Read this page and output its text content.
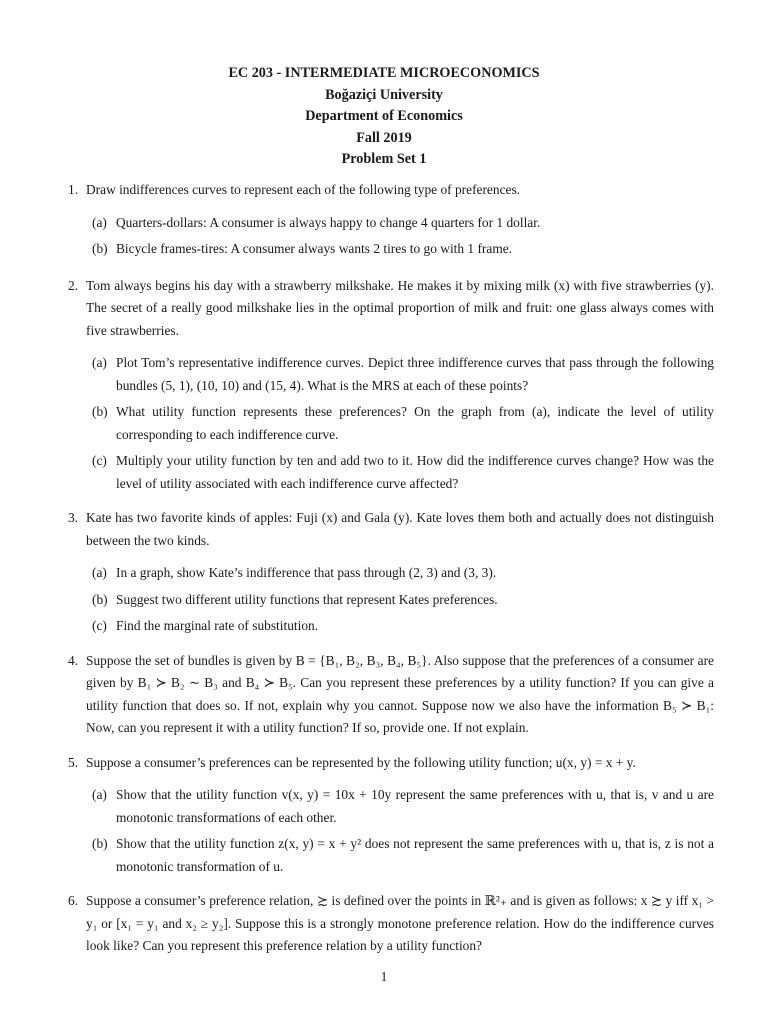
EC 203 - INTERMEDIATE MICROECONOMICS
Boğaziçi University
Department of Economics
Fall 2019
Problem Set 1
1. Draw indifferences curves to represent each of the following type of preferences.
(a) Quarters-dollars: A consumer is always happy to change 4 quarters for 1 dollar.
(b) Bicycle frames-tires: A consumer always wants 2 tires to go with 1 frame.
2. Tom always begins his day with a strawberry milkshake. He makes it by mixing milk (x) with five strawberries (y). The secret of a really good milkshake lies in the optimal proportion of milk and fruit: one glass always comes with five strawberries.
(a) Plot Tom’s representative indifference curves. Depict three indifference curves that pass through the following bundles (5, 1), (10, 10) and (15, 4). What is the MRS at each of these points?
(b) What utility function represents these preferences? On the graph from (a), indicate the level of utility corresponding to each indifference curve.
(c) Multiply your utility function by ten and add two to it. How did the indifference curves change? How was the level of utility associated with each indifference curve affected?
3. Kate has two favorite kinds of apples: Fuji (x) and Gala (y). Kate loves them both and actually does not distinguish between the two kinds.
(a) In a graph, show Kate’s indifference that pass through (2, 3) and (3, 3).
(b) Suggest two different utility functions that represent Kates preferences.
(c) Find the marginal rate of substitution.
4. Suppose the set of bundles is given by B = {B₁, B₂, B₃, B₄, B₅}. Also suppose that the preferences of a consumer are given by B₁ ≻ B₂ ∼ B₃ and B₄ ≻ B₅. Can you represent these preferences by a utility function? If you can give a utility function that does so. If not, explain why you cannot. Suppose now we also have the information B₅ ≻ B₁: Now, can you represent it with a utility function? If so, provide one. If not explain.
5. Suppose a consumer’s preferences can be represented by the following utility function; u(x, y) = x + y.
(a) Show that the utility function v(x, y) = 10x + 10y represent the same preferences with u, that is, v and u are monotonic transformations of each other.
(b) Show that the utility function z(x, y) = x + y² does not represent the same preferences with u, that is, z is not a monotonic transformation of u.
6. Suppose a consumer’s preference relation, ≿ is defined over the points in ℝ²₊ and is given as follows: x ≿ y iff x₁ > y₁ or [x₁ = y₁ and x₂ ≥ y₂]. Suppose this is a strongly monotone preference relation. How do the indifference curves look like? Can you represent this preference relation by a utility function?
1
